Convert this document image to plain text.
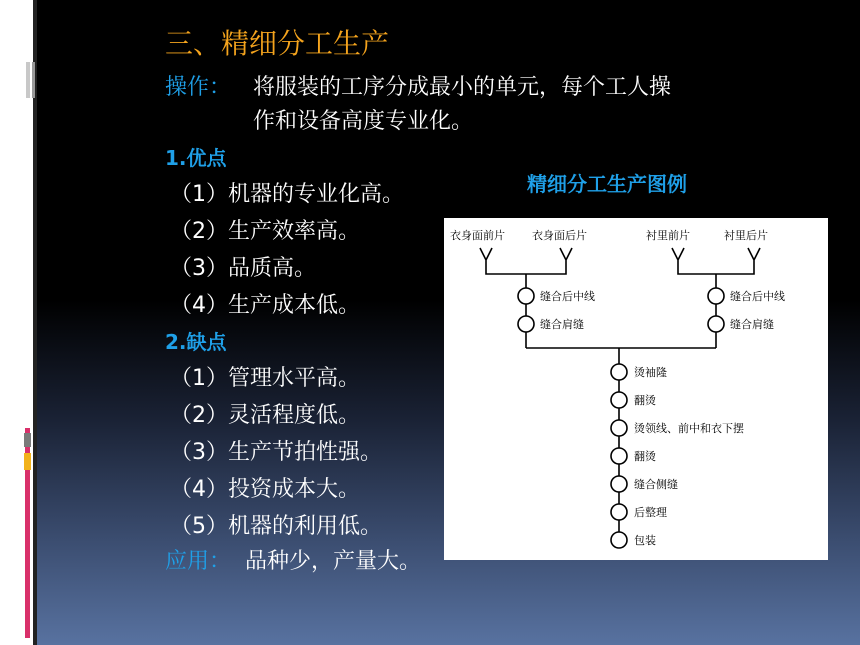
三、精细分工生产
操作： 将服装的工序分成最小的单元，每个工人操
作和设备高度专业化。
1.优点
（1）机器的专业化高。
（2）生产效率高。
（3）品质高。
（4）生产成本低。
2.缺点
（1）管理水平高。
（2）灵活程度低。
（3）生产节拍性强。
（4）投资成本大。
（5）机器的利用低。
应用： 品种少，产量大。
精细分工生产图例
衣身面前片 衣身面后片	衬里前片	衬里后片
缝合后中线
缝合肩缝
缝合后中线
缝合肩缝
烫袖隆
翻烫
烫领线、前中和衣下摆
翻烫
缝合侧缝
后整理
包装
